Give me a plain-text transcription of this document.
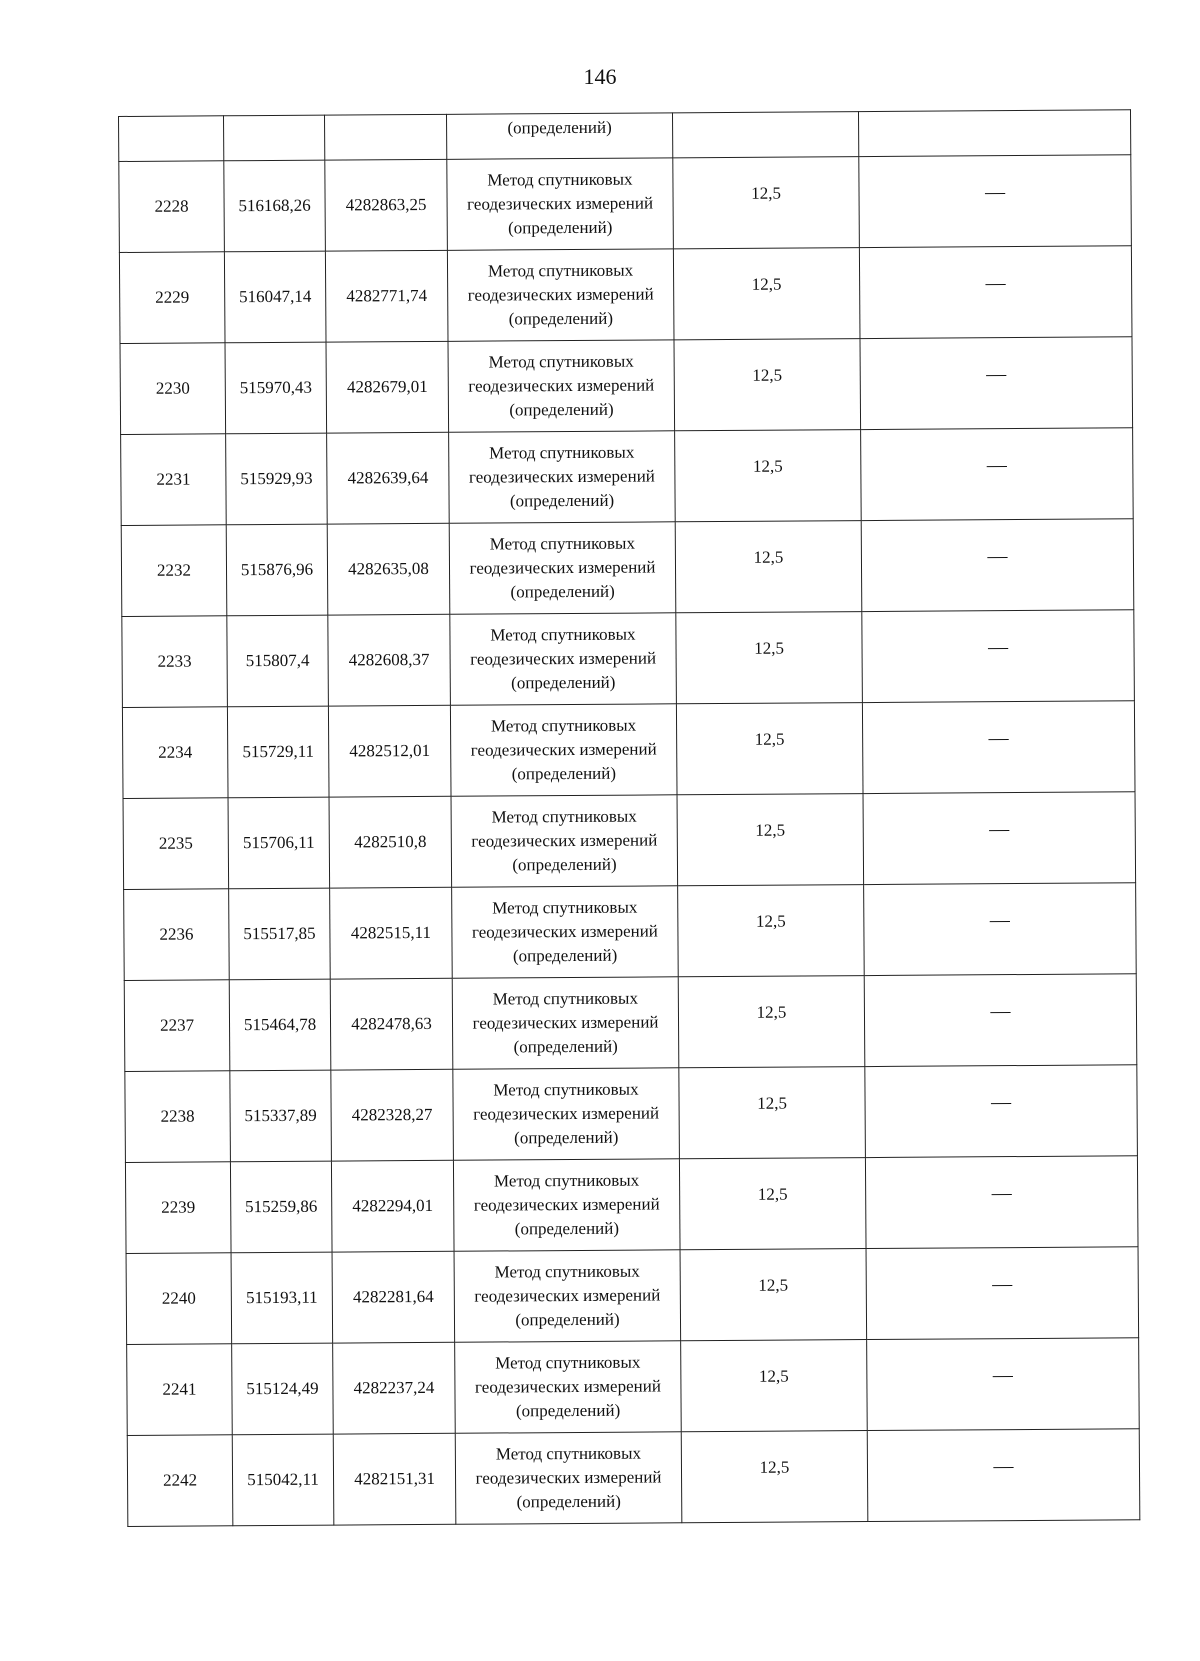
146
			(определений)		
2228	516168,26	4282863,25	Метод спутниковых
геодезических измерений
(определений)	12,5	—
2229	516047,14	4282771,74	Метод спутниковых
геодезических измерений
(определений)	12,5	—
2230	515970,43	4282679,01	Метод спутниковых
геодезических измерений
(определений)	12,5	—
2231	515929,93	4282639,64	Метод спутниковых
геодезических измерений
(определений)	12,5	—
2232	515876,96	4282635,08	Метод спутниковых
геодезических измерений
(определений)	12,5	—
2233	515807,4	4282608,37	Метод спутниковых
геодезических измерений
(определений)	12,5	—
2234	515729,11	4282512,01	Метод спутниковых
геодезических измерений
(определений)	12,5	—
2235	515706,11	4282510,8	Метод спутниковых
геодезических измерений
(определений)	12,5	—
2236	515517,85	4282515,11	Метод спутниковых
геодезических измерений
(определений)	12,5	—
2237	515464,78	4282478,63	Метод спутниковых
геодезических измерений
(определений)	12,5	—
2238	515337,89	4282328,27	Метод спутниковых
геодезических измерений
(определений)	12,5	—
2239	515259,86	4282294,01	Метод спутниковых
геодезических измерений
(определений)	12,5	—
2240	515193,11	4282281,64	Метод спутниковых
геодезических измерений
(определений)	12,5	—
2241	515124,49	4282237,24	Метод спутниковых
геодезических измерений
(определений)	12,5	—
2242	515042,11	4282151,31	Метод спутниковых
геодезических измерений
(определений)	12,5	—
